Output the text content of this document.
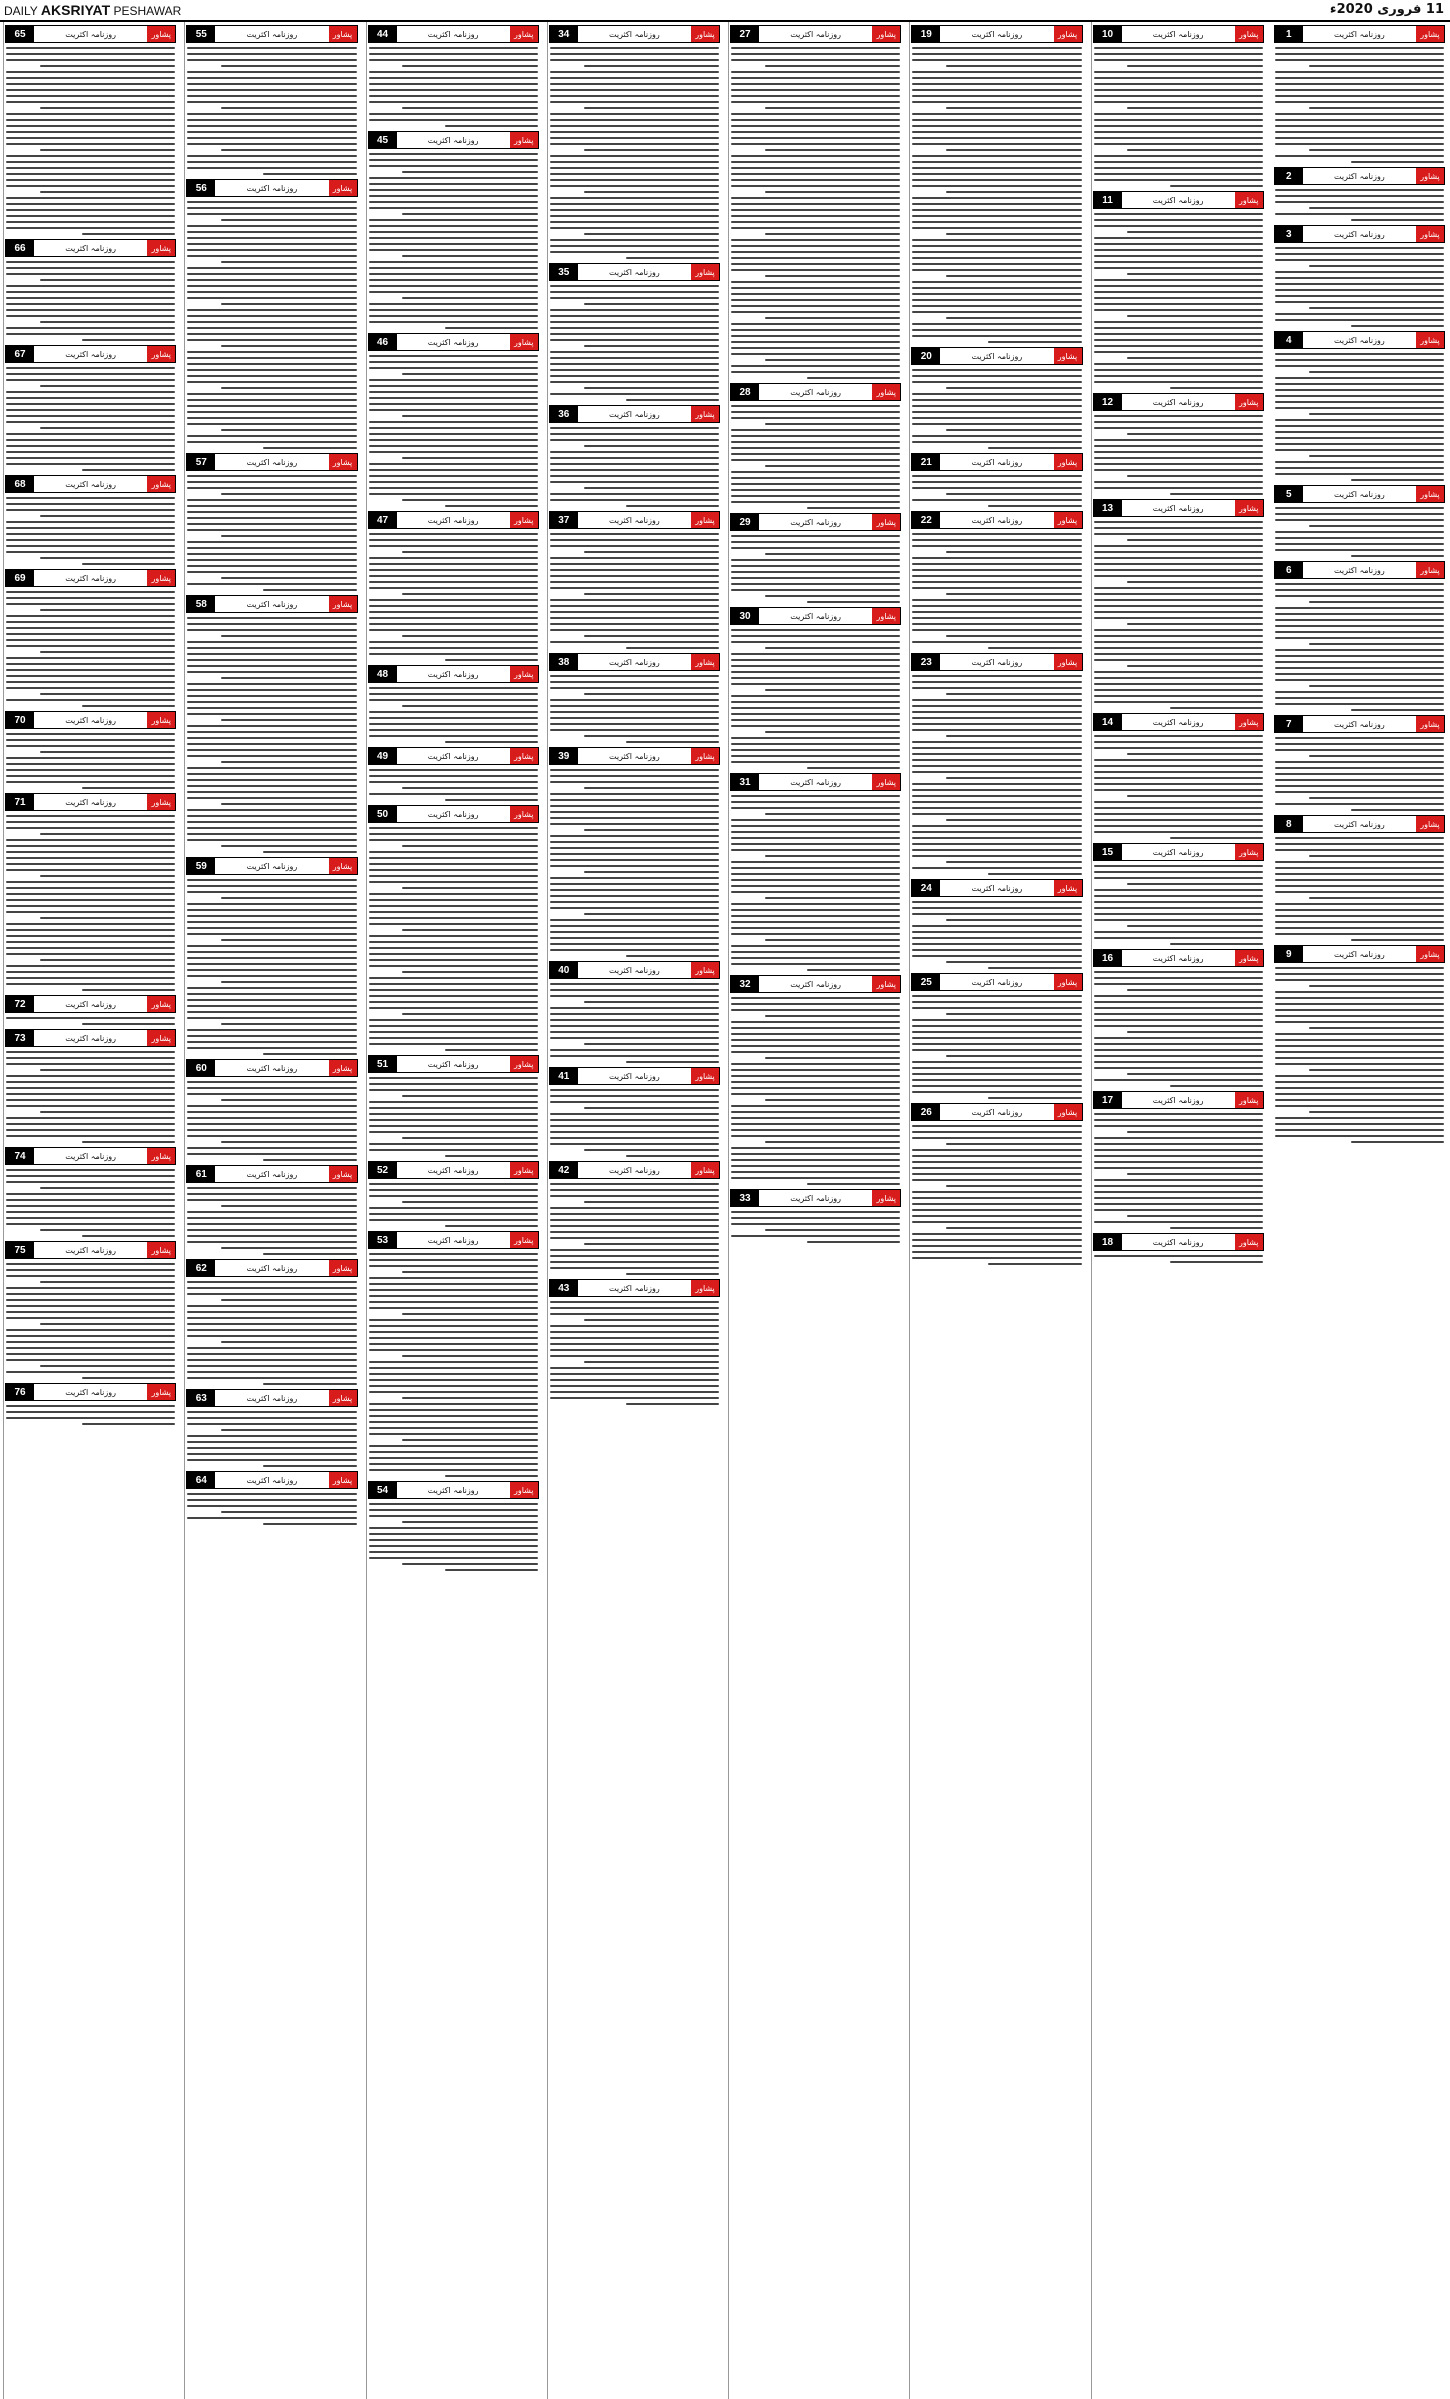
DAILY AKSRIYAT PESHAWAR	11 فروری 2020ء
1	روزنامہ اکثریت	پشاور
2	روزنامہ اکثریت	پشاور
3	روزنامہ اکثریت	پشاور
4	روزنامہ اکثریت	پشاور
5	روزنامہ اکثریت	پشاور
6	روزنامہ اکثریت	پشاور
7	روزنامہ اکثریت	پشاور
8	روزنامہ اکثریت	پشاور
9	روزنامہ اکثریت	پشاور
10	روزنامہ اکثریت	پشاور
11	روزنامہ اکثریت	پشاور
12	روزنامہ اکثریت	پشاور
13	روزنامہ اکثریت	پشاور
14	روزنامہ اکثریت	پشاور
15	روزنامہ اکثریت	پشاور
16	روزنامہ اکثریت	پشاور
17	روزنامہ اکثریت	پشاور
18	روزنامہ اکثریت	پشاور
19	روزنامہ اکثریت	پشاور
20	روزنامہ اکثریت	پشاور
21	روزنامہ اکثریت	پشاور
22	روزنامہ اکثریت	پشاور
23	روزنامہ اکثریت	پشاور
24	روزنامہ اکثریت	پشاور
25	روزنامہ اکثریت	پشاور
26	روزنامہ اکثریت	پشاور
27	روزنامہ اکثریت	پشاور
28	روزنامہ اکثریت	پشاور
29	روزنامہ اکثریت	پشاور
30	روزنامہ اکثریت	پشاور
31	روزنامہ اکثریت	پشاور
32	روزنامہ اکثریت	پشاور
33	روزنامہ اکثریت	پشاور
34	روزنامہ اکثریت	پشاور
35	روزنامہ اکثریت	پشاور
36	روزنامہ اکثریت	پشاور
37	روزنامہ اکثریت	پشاور
38	روزنامہ اکثریت	پشاور
39	روزنامہ اکثریت	پشاور
40	روزنامہ اکثریت	پشاور
41	روزنامہ اکثریت	پشاور
42	روزنامہ اکثریت	پشاور
43	روزنامہ اکثریت	پشاور
44	روزنامہ اکثریت	پشاور
45	روزنامہ اکثریت	پشاور
46	روزنامہ اکثریت	پشاور
47	روزنامہ اکثریت	پشاور
48	روزنامہ اکثریت	پشاور
49	روزنامہ اکثریت	پشاور
50	روزنامہ اکثریت	پشاور
51	روزنامہ اکثریت	پشاور
52	روزنامہ اکثریت	پشاور
53	روزنامہ اکثریت	پشاور
54	روزنامہ اکثریت	پشاور
55	روزنامہ اکثریت	پشاور
56	روزنامہ اکثریت	پشاور
57	روزنامہ اکثریت	پشاور
58	روزنامہ اکثریت	پشاور
59	روزنامہ اکثریت	پشاور
60	روزنامہ اکثریت	پشاور
61	روزنامہ اکثریت	پشاور
62	روزنامہ اکثریت	پشاور
63	روزنامہ اکثریت	پشاور
64	روزنامہ اکثریت	پشاور
65	روزنامہ اکثریت	پشاور
66	روزنامہ اکثریت	پشاور
67	روزنامہ اکثریت	پشاور
68	روزنامہ اکثریت	پشاور
69	روزنامہ اکثریت	پشاور
70	روزنامہ اکثریت	پشاور
71	روزنامہ اکثریت	پشاور
72	روزنامہ اکثریت	پشاور
73	روزنامہ اکثریت	پشاور
74	روزنامہ اکثریت	پشاور
75	روزنامہ اکثریت	پشاور
76	روزنامہ اکثریت	پشاور
